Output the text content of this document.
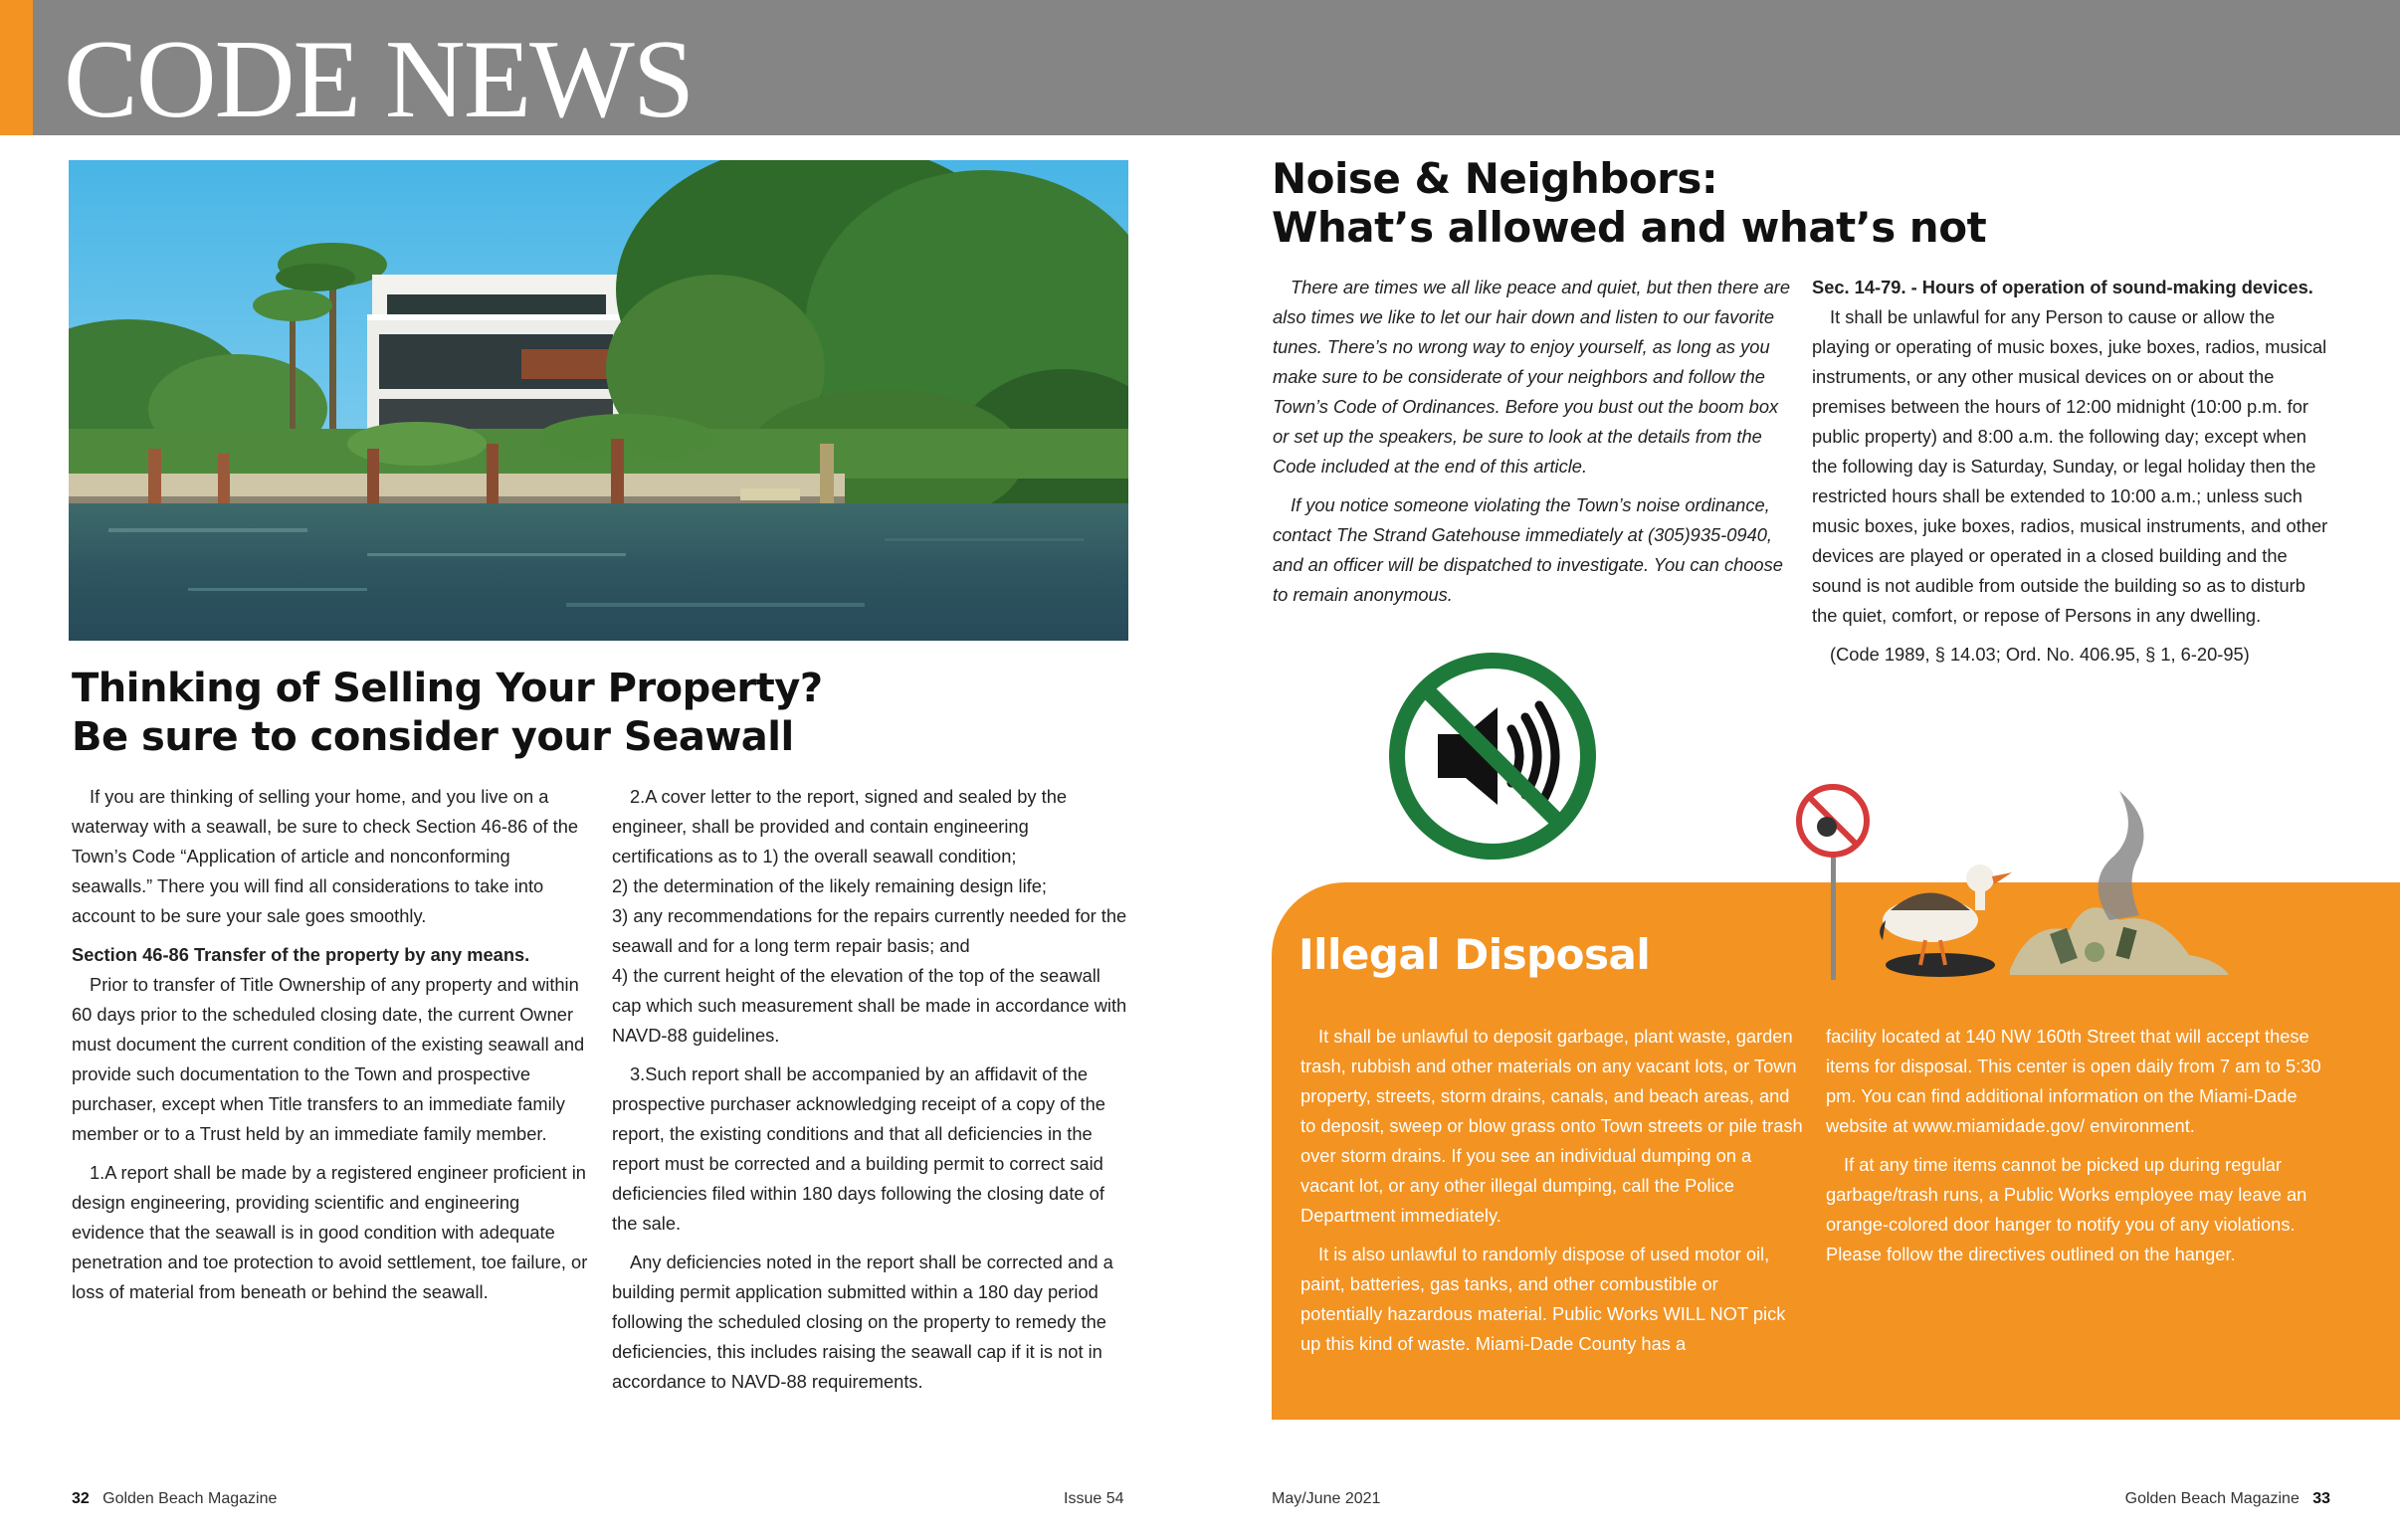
CODE NEWS
Thinking of Selling Your Property?
Be sure to consider your Seawall

If you are thinking of selling your home, and you live on a waterway with a seawall, be sure to check Section 46-86 of the Town’s Code “Application of article and nonconforming seawalls.” There you will find all considerations to take into account to be sure your sale goes smoothly.

Section 46-86 Transfer of the property by any means.

Prior to transfer of Title Ownership of any property and within 60 days prior to the scheduled closing date, the current Owner must document the current condition of the existing seawall and provide such documentation to the Town and prospective purchaser, except when Title transfers to an immediate family member or to a Trust held by an immediate family member.

1.A report shall be made by a registered engineer proficient in design engineering, providing scientific and engineering evidence that the seawall is in good condition with adequate penetration and toe protection to avoid settlement, toe failure, or loss of material from beneath or behind the seawall.

2.A cover letter to the report, signed and sealed by the engineer, shall be provided and contain engineering certifications as to 1) the overall seawall condition;

2) the determination of the likely remaining design life;

3) any recommendations for the repairs currently needed for the seawall and for a long term repair basis; and

4) the current height of the elevation of the top of the seawall cap which such measurement shall be made in accordance with NAVD-88 guidelines.

3.Such report shall be accompanied by an affidavit of the prospective purchaser acknowledging receipt of a copy of the report, the existing conditions and that all deficiencies in the report must be corrected and a building permit to correct said deficiencies filed within 180 days following the closing date of the sale.

Any deficiencies noted in the report shall be corrected and a building permit application submitted within a 180 day period following the scheduled closing on the property to remedy the deficiencies, this includes raising the seawall cap if it is not in accordance to NAVD-88 requirements.

Noise & Neighbors:
What’s allowed and what’s not

There are times we all like peace and quiet, but then there are also times we like to let our hair down and listen to our favorite tunes. There’s no wrong way to enjoy yourself, as long as you make sure to be considerate of your neighbors and follow the Town’s Code of Ordinances. Before you bust out the boom box or set up the speakers, be sure to look at the details from the Code included at the end of this article.

If you notice someone violating the Town’s noise ordinance, contact The Strand Gatehouse immediately at (305)935-0940, and an officer will be dispatched to investigate. You can choose to remain anonymous.

Sec. 14-79. - Hours of operation of sound-making devices.

It shall be unlawful for any Person to cause or allow the playing or operating of music boxes, juke boxes, radios, musical instruments, or any other musical devices on or about the premises between the hours of 12:00 midnight (10:00 p.m. for public property) and 8:00 a.m. the following day; except when the following day is Saturday, Sunday, or legal holiday then the restricted hours shall be extended to 10:00 a.m.; unless such music boxes, juke boxes, radios, musical instruments, and other devices are played or operated in a closed building and the sound is not audible from outside the building so as to disturb the quiet, comfort, or repose of Persons in any dwelling.

(Code 1989, § 14.03; Ord. No. 406.95, § 1, 6-20-95)

Illegal Disposal

It shall be unlawful to deposit garbage, plant waste, garden trash, rubbish and other materials on any vacant lots, or Town property, streets, storm drains, canals, and beach areas, and to deposit, sweep or blow grass onto Town streets or pile trash over storm drains. If you see an individual dumping on a vacant lot, or any other illegal dumping, call the Police Department immediately.

It is also unlawful to randomly dispose of used motor oil, paint, batteries, gas tanks, and other combustible or potentially hazardous material. Public Works WILL NOT pick up this kind of waste. Miami-Dade County has a

facility located at 140 NW 160th Street that will accept these items for disposal. This center is open daily from 7 am to 5:30 pm. You can find additional information on the Miami-Dade website at www.miamidade.gov/ environment.

If at any time items cannot be picked up during regular garbage/trash runs, a Public Works employee may leave an orange-colored door hanger to notify you of any violations. Please follow the directives outlined on the hanger.

32 Golden Beach Magazine	Issue 54	May/June 2021	Golden Beach Magazine 33
